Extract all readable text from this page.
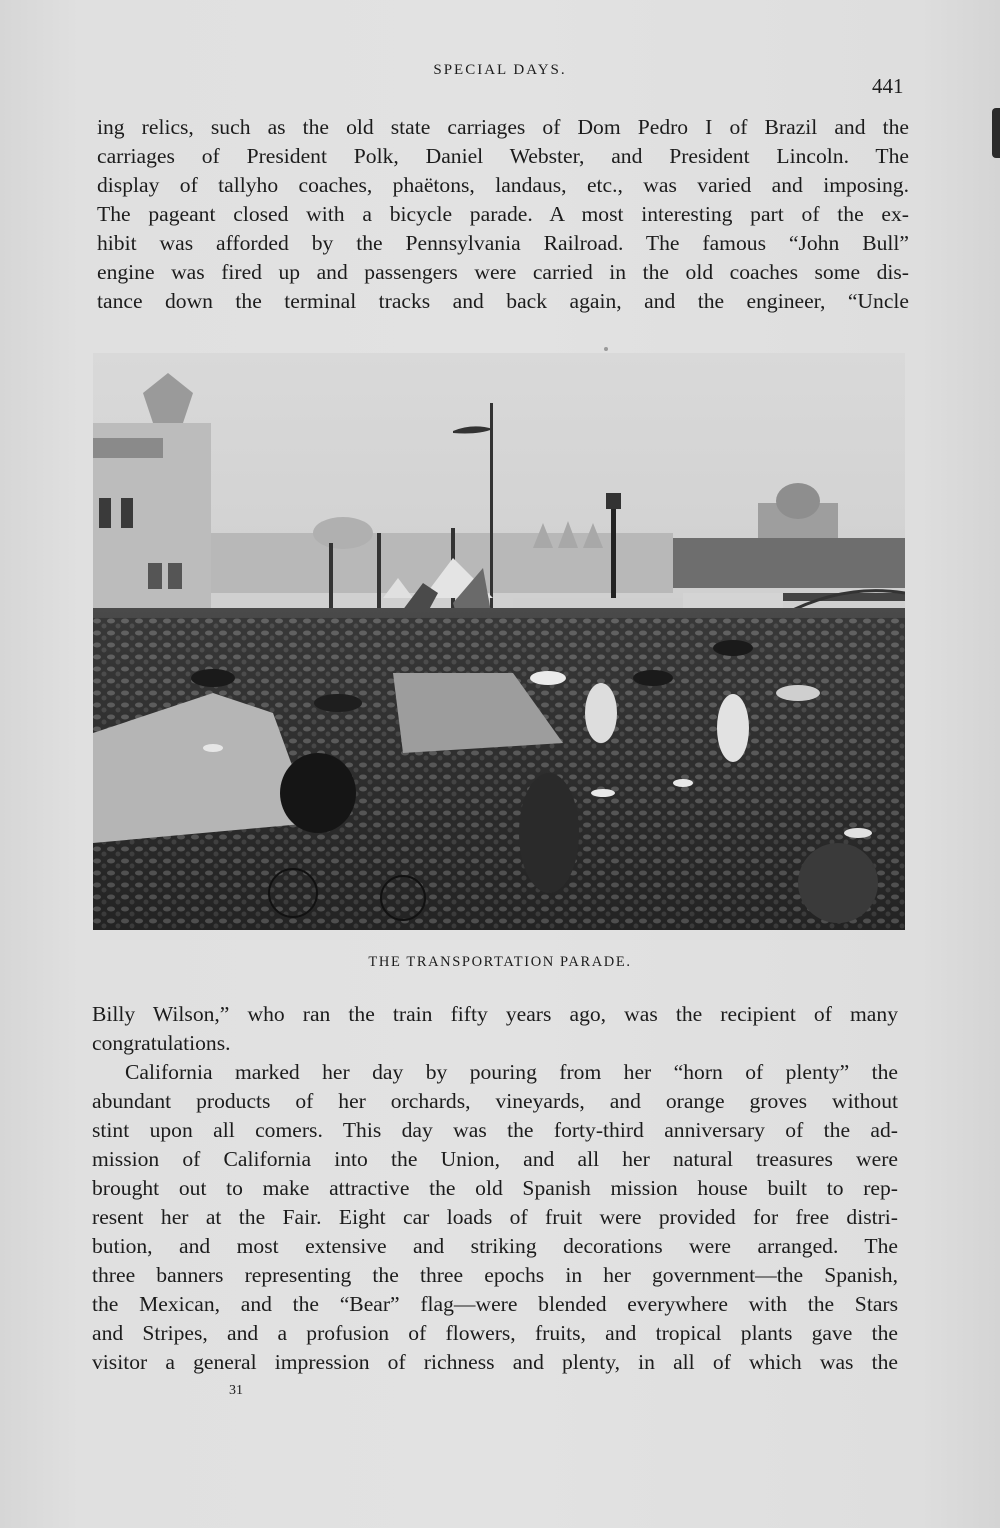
SPECIAL DAYS.
441
ing relics, such as the old state carriages of Dom Pedro I of Brazil and the
carriages of President Polk, Daniel Webster, and President Lincoln. The
display of tallyho coaches, phaëtons, landaus, etc., was varied and imposing.
The pageant closed with a bicycle parade. A most interesting part of the ex-
hibit was afforded by the Pennsylvania Railroad. The famous “John Bull”
engine was fired up and passengers were carried in the old coaches some dis-
tance down the terminal tracks and back again, and the engineer, “Uncle
THE TRANSPORTATION PARADE.
Billy Wilson,” who ran the train fifty years ago, was the recipient of many
congratulations.
California marked her day by pouring from her “horn of plenty” the
abundant products of her orchards, vineyards, and orange groves without
stint upon all comers. This day was the forty-third anniversary of the ad-
mission of California into the Union, and all her natural treasures were
brought out to make attractive the old Spanish mission house built to rep-
resent her at the Fair. Eight car loads of fruit were provided for free distri-
bution, and most extensive and striking decorations were arranged. The
three banners representing the three epochs in her government—the Spanish,
the Mexican, and the “Bear” flag—were blended everywhere with the Stars
and Stripes, and a profusion of flowers, fruits, and tropical plants gave the
visitor a general impression of richness and plenty, in all of which was the
31
